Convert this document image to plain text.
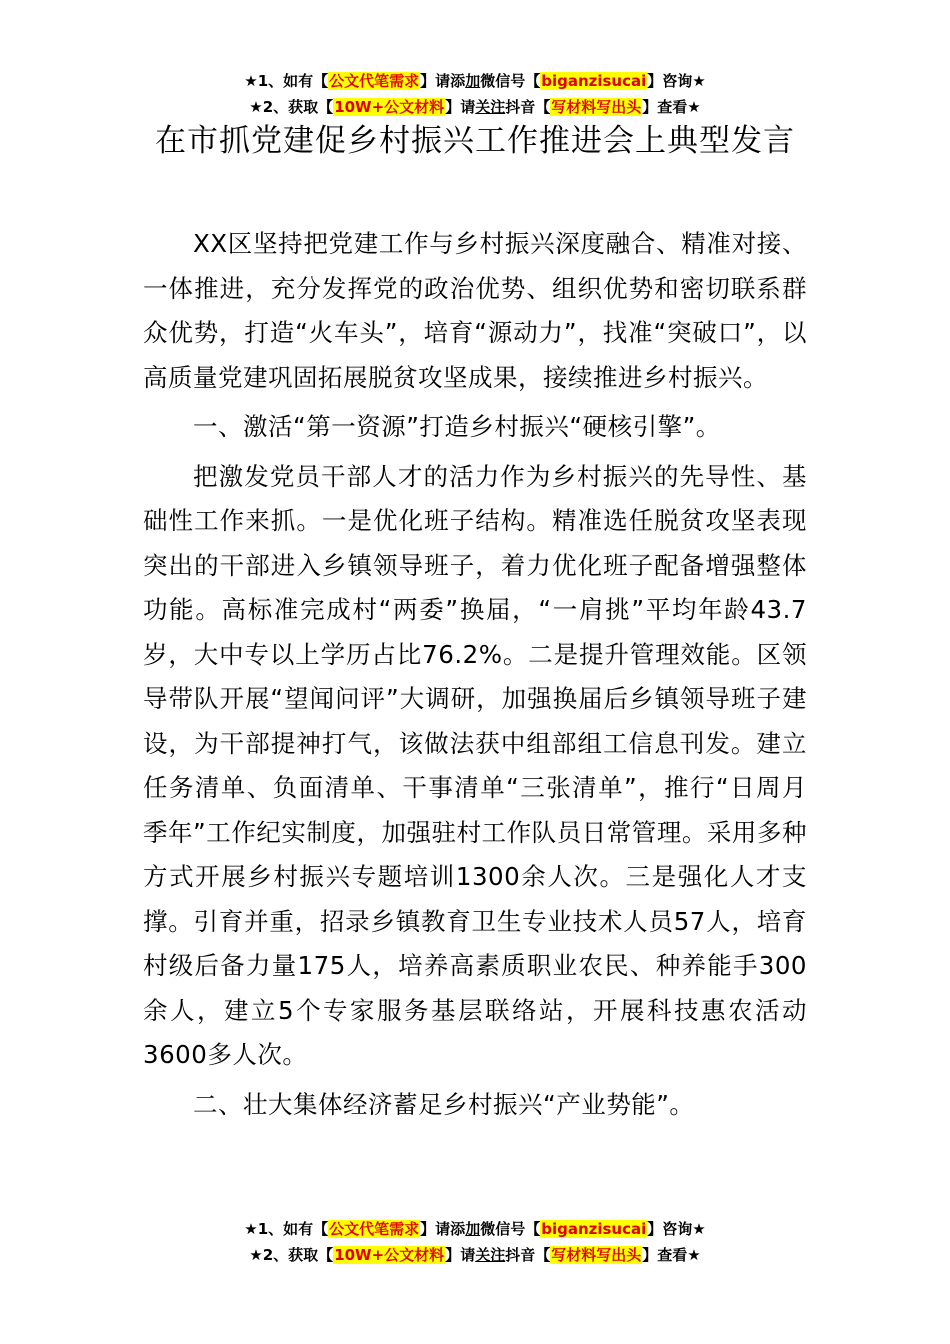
★1、如有【公文代笔需求】请添加微信号【biganzisucai】咨询★
★2、获取【10W+公文材料】请关注抖音【写材料写出头】查看★
在市抓党建促乡村振兴工作推进会上典型发言

XX区坚持把党建工作与乡村振兴深度融合、精准对接、一体推进，充分发挥党的政治优势、组织优势和密切联系群众优势，打造“火车头”，培育“源动力”，找准“突破口”，以高质量党建巩固拓展脱贫攻坚成果，接续推进乡村振兴。

一、激活“第一资源”打造乡村振兴“硬核引擎”。

把激发党员干部人才的活力作为乡村振兴的先导性、基础性工作来抓。一是优化班子结构。精准选任脱贫攻坚表现突出的干部进入乡镇领导班子，着力优化班子配备增强整体功能。高标准完成村“两委”换届，“一肩挑”平均年龄43.7岁，大中专以上学历占比76.2%。二是提升管理效能。区领导带队开展“望闻问评”大调研，加强换届后乡镇领导班子建设，为干部提神打气，该做法获中组部组工信息刊发。建立任务清单、负面清单、干事清单“三张清单”，推行“日周月季年”工作纪实制度，加强驻村工作队员日常管理。采用多种方式开展乡村振兴专题培训1300余人次。三是强化人才支撑。引育并重，招录乡镇教育卫生专业技术人员57人，培育村级后备力量175人，培养高素质职业农民、种养能手300余人，建立5个专家服务基层联络站，开展科技惠农活动3600多人次。

二、壮大集体经济蓄足乡村振兴“产业势能”。

★1、如有【公文代笔需求】请添加微信号【biganzisucai】咨询★
★2、获取【10W+公文材料】请关注抖音【写材料写出头】查看★
